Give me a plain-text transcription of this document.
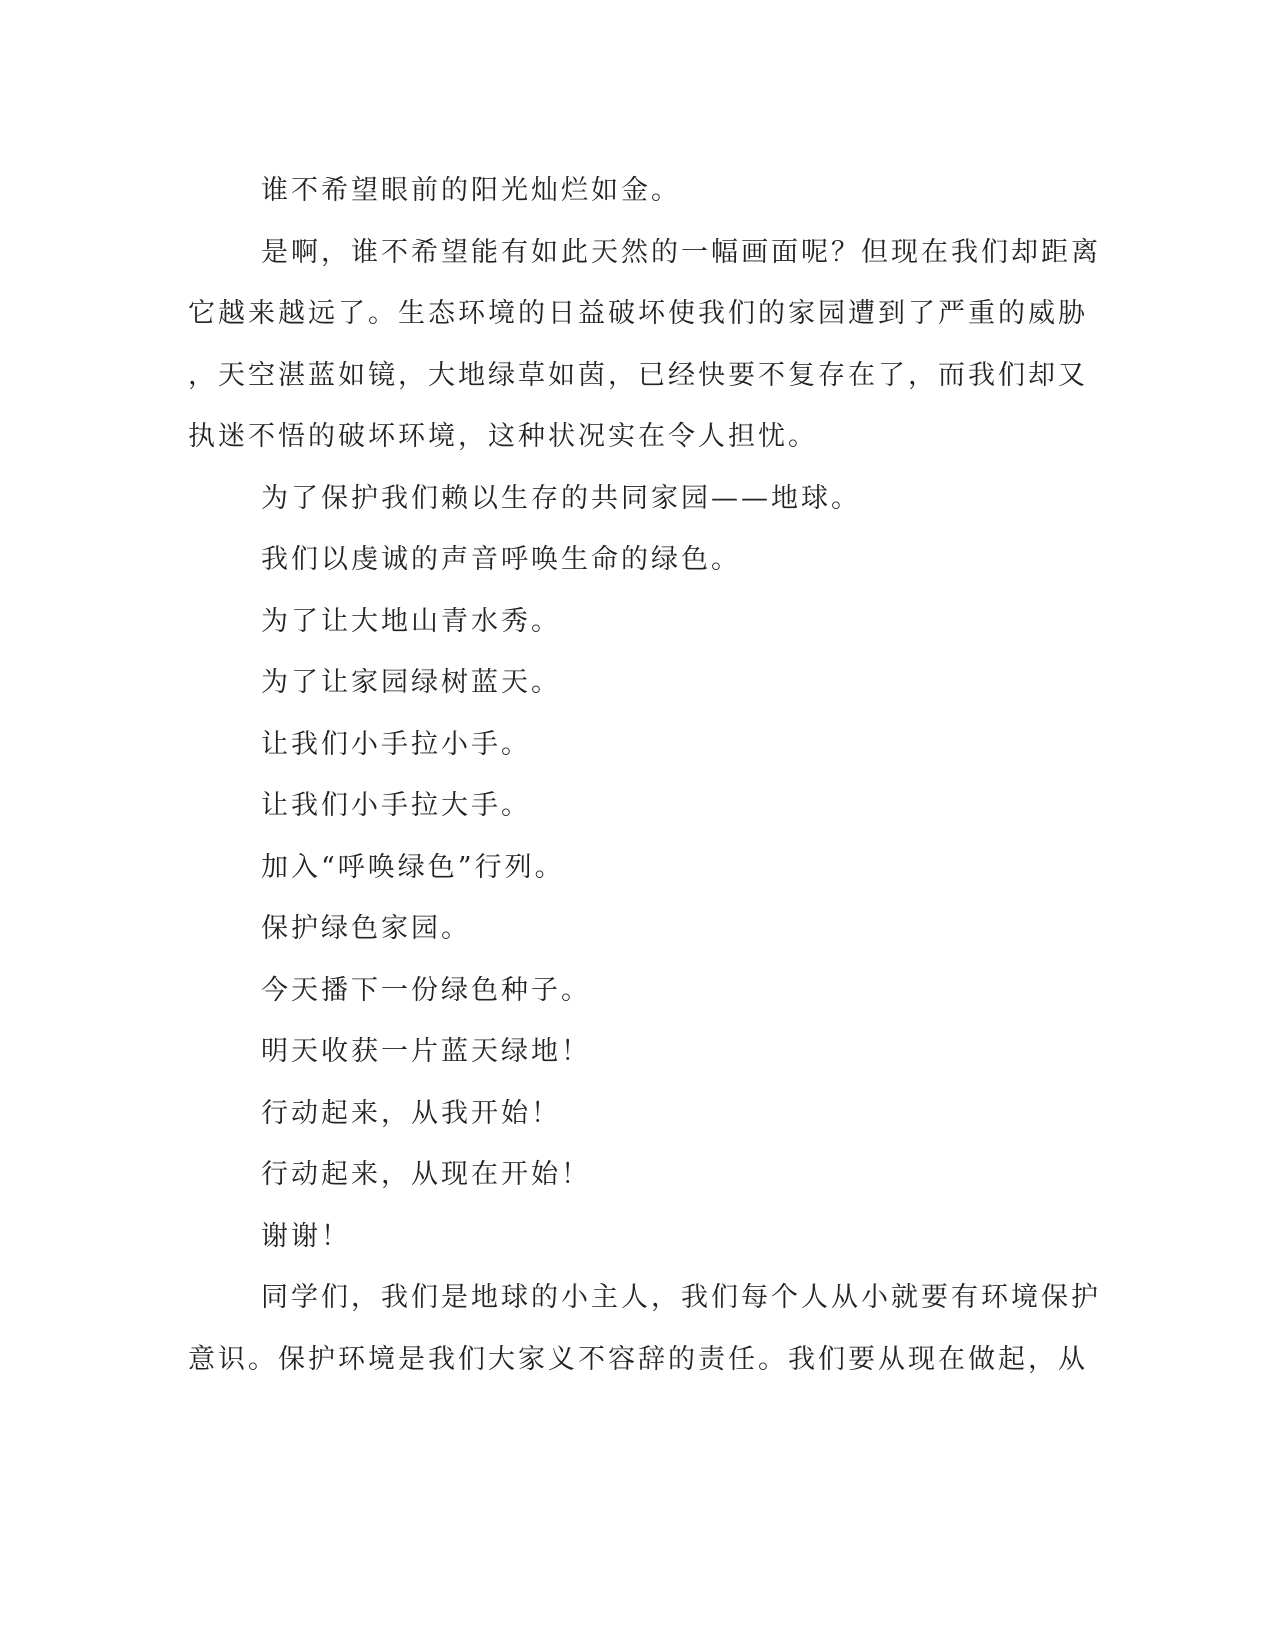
谁不希望眼前的阳光灿烂如金。

是啊，谁不希望能有如此天然的一幅画面呢？但现在我们却距离
它越来越远了。生态环境的日益破坏使我们的家园遭到了严重的威胁
，天空湛蓝如镜，大地绿草如茵，已经快要不复存在了，而我们却又
执迷不悟的破坏环境，这种状况实在令人担忧。

为了保护我们赖以生存的共同家园——地球。

我们以虔诚的声音呼唤生命的绿色。

为了让大地山青水秀。

为了让家园绿树蓝天。

让我们小手拉小手。

让我们小手拉大手。

加入“呼唤绿色”行列。

保护绿色家园。

今天播下一份绿色种子。

明天收获一片蓝天绿地！

行动起来，从我开始！

行动起来，从现在开始！

谢谢！

同学们，我们是地球的小主人，我们每个人从小就要有环境保护
意识。保护环境是我们大家义不容辞的责任。我们要从现在做起，从
